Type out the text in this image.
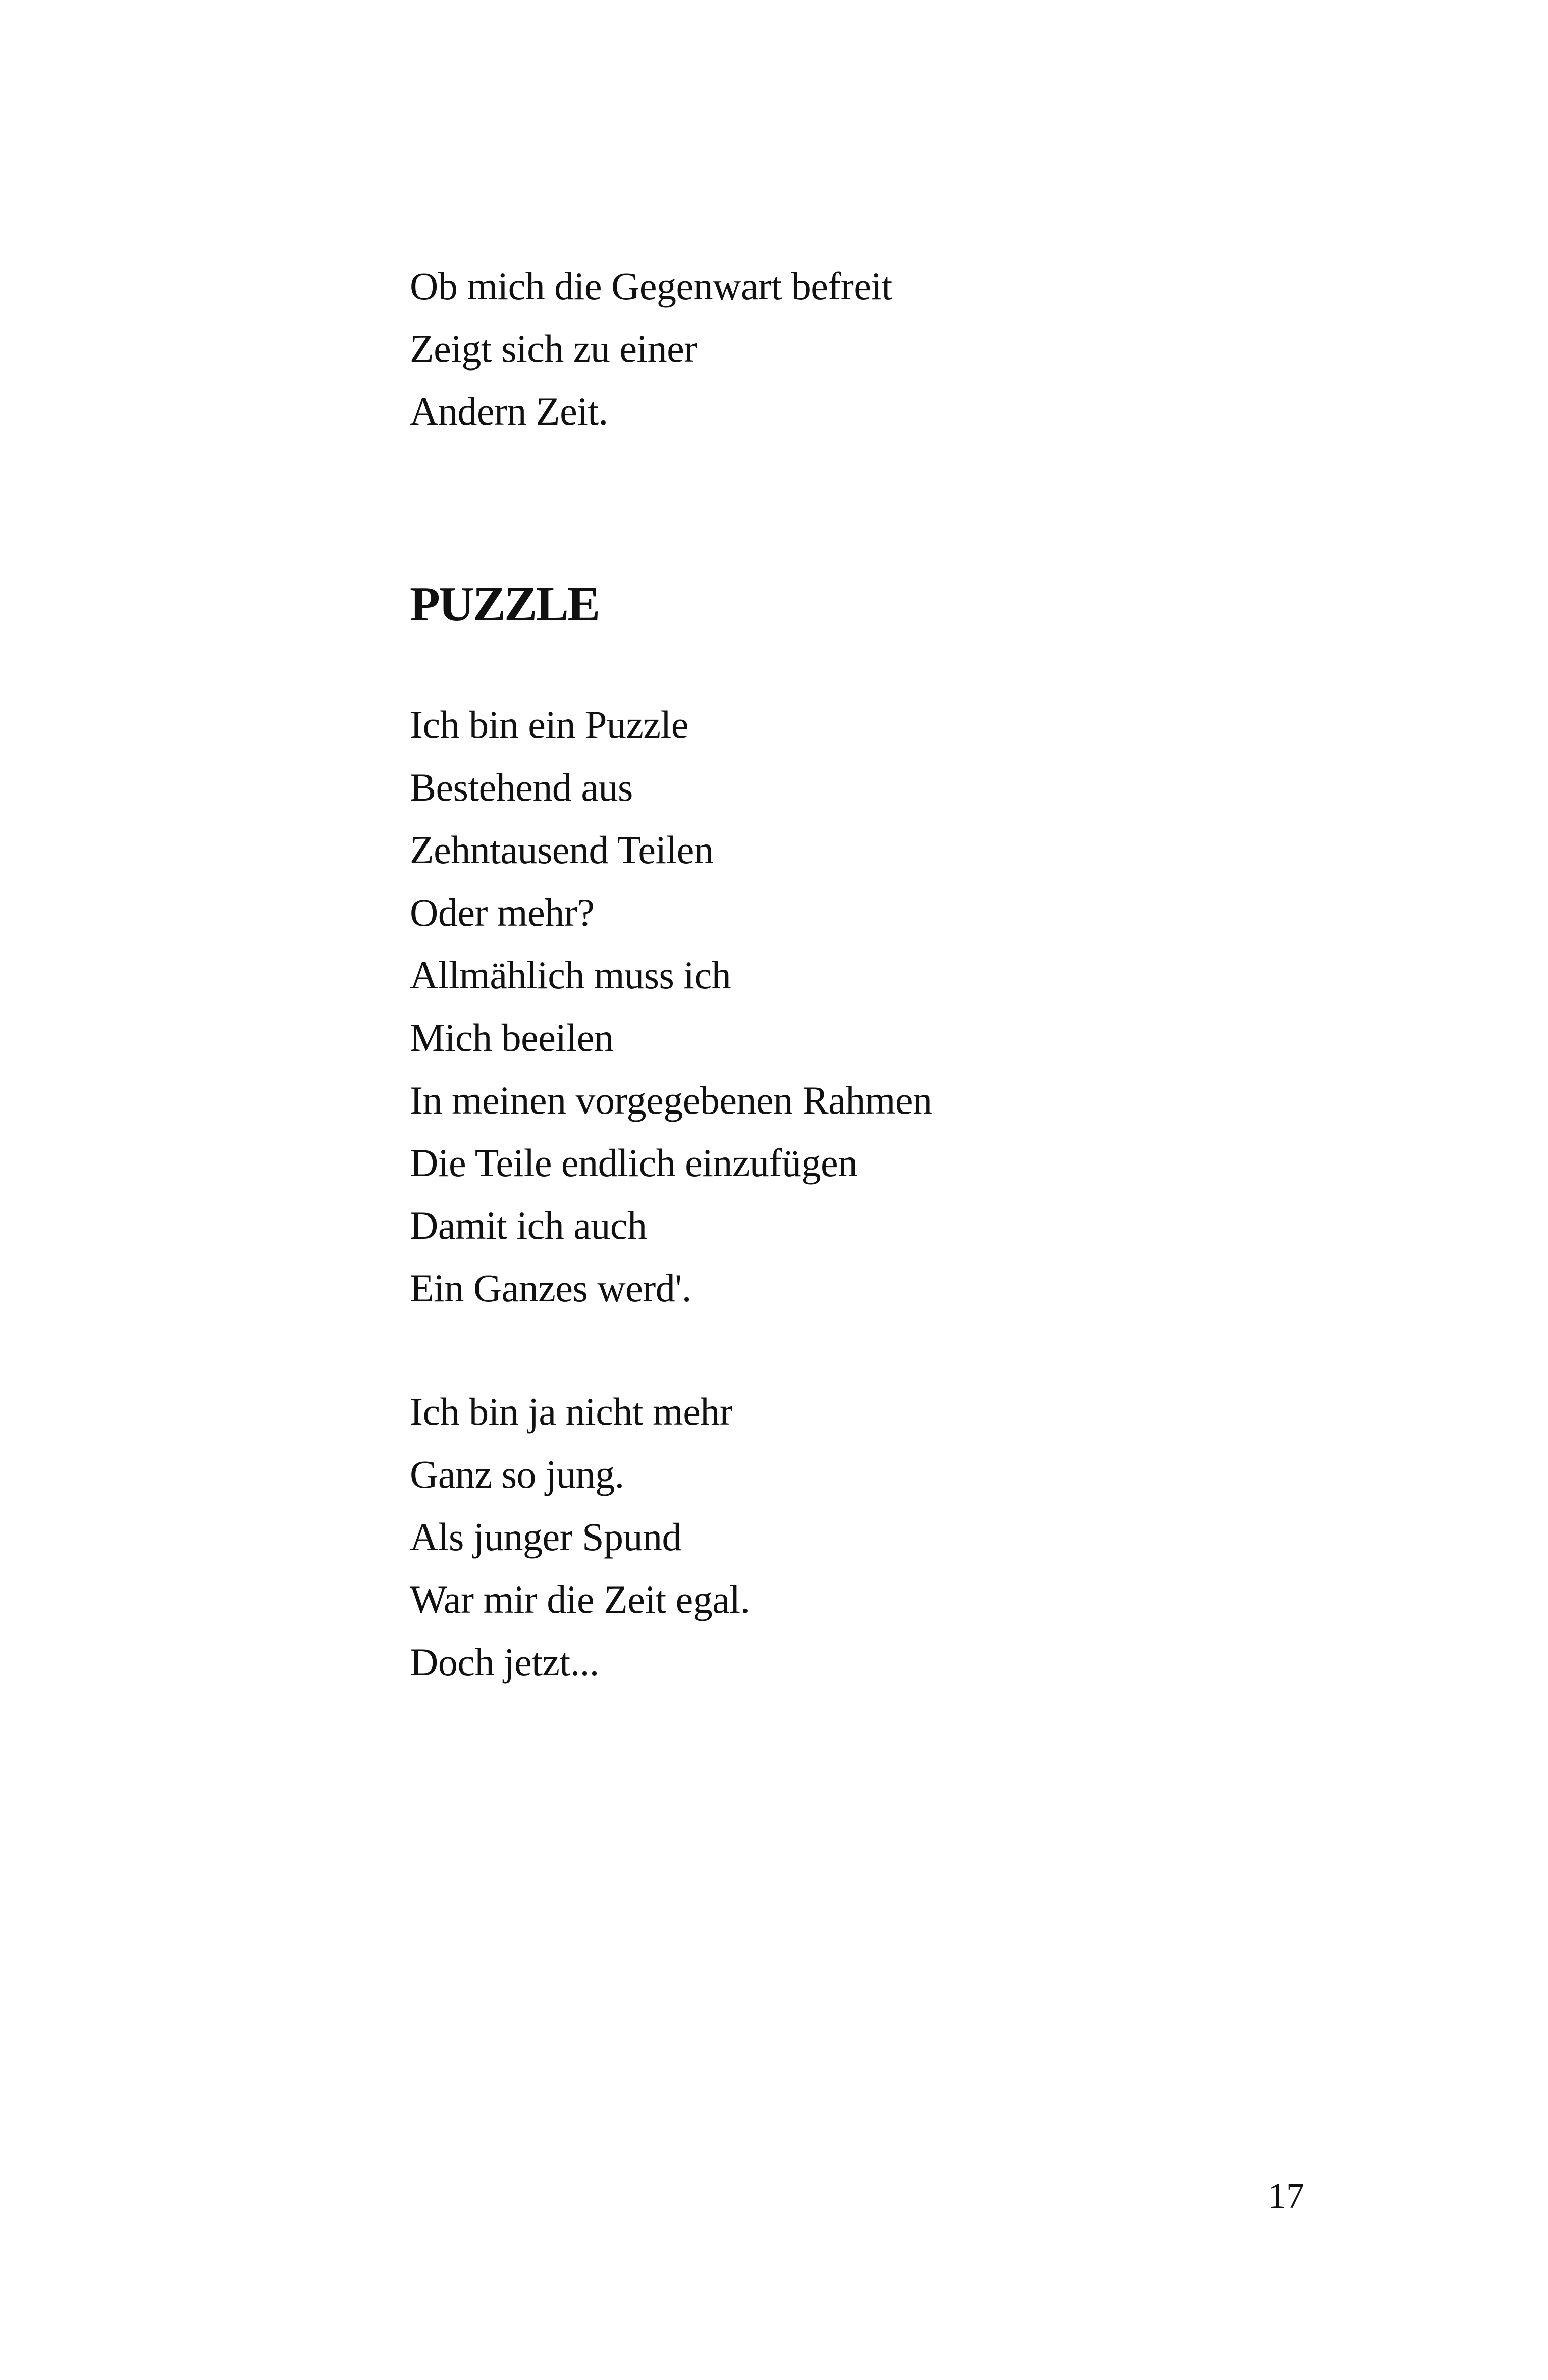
Ob mich die Gegenwart befreit
Zeigt sich zu einer
Andern Zeit.
PUZZLE
Ich bin ein Puzzle
Bestehend aus
Zehntausend Teilen
Oder mehr?
Allmählich muss ich
Mich beeilen
In meinen vorgegebenen Rahmen
Die Teile endlich einzufügen
Damit ich auch
Ein Ganzes werd'.
Ich bin ja nicht mehr
Ganz so jung.
Als junger Spund
War mir die Zeit egal.
Doch jetzt...
17
